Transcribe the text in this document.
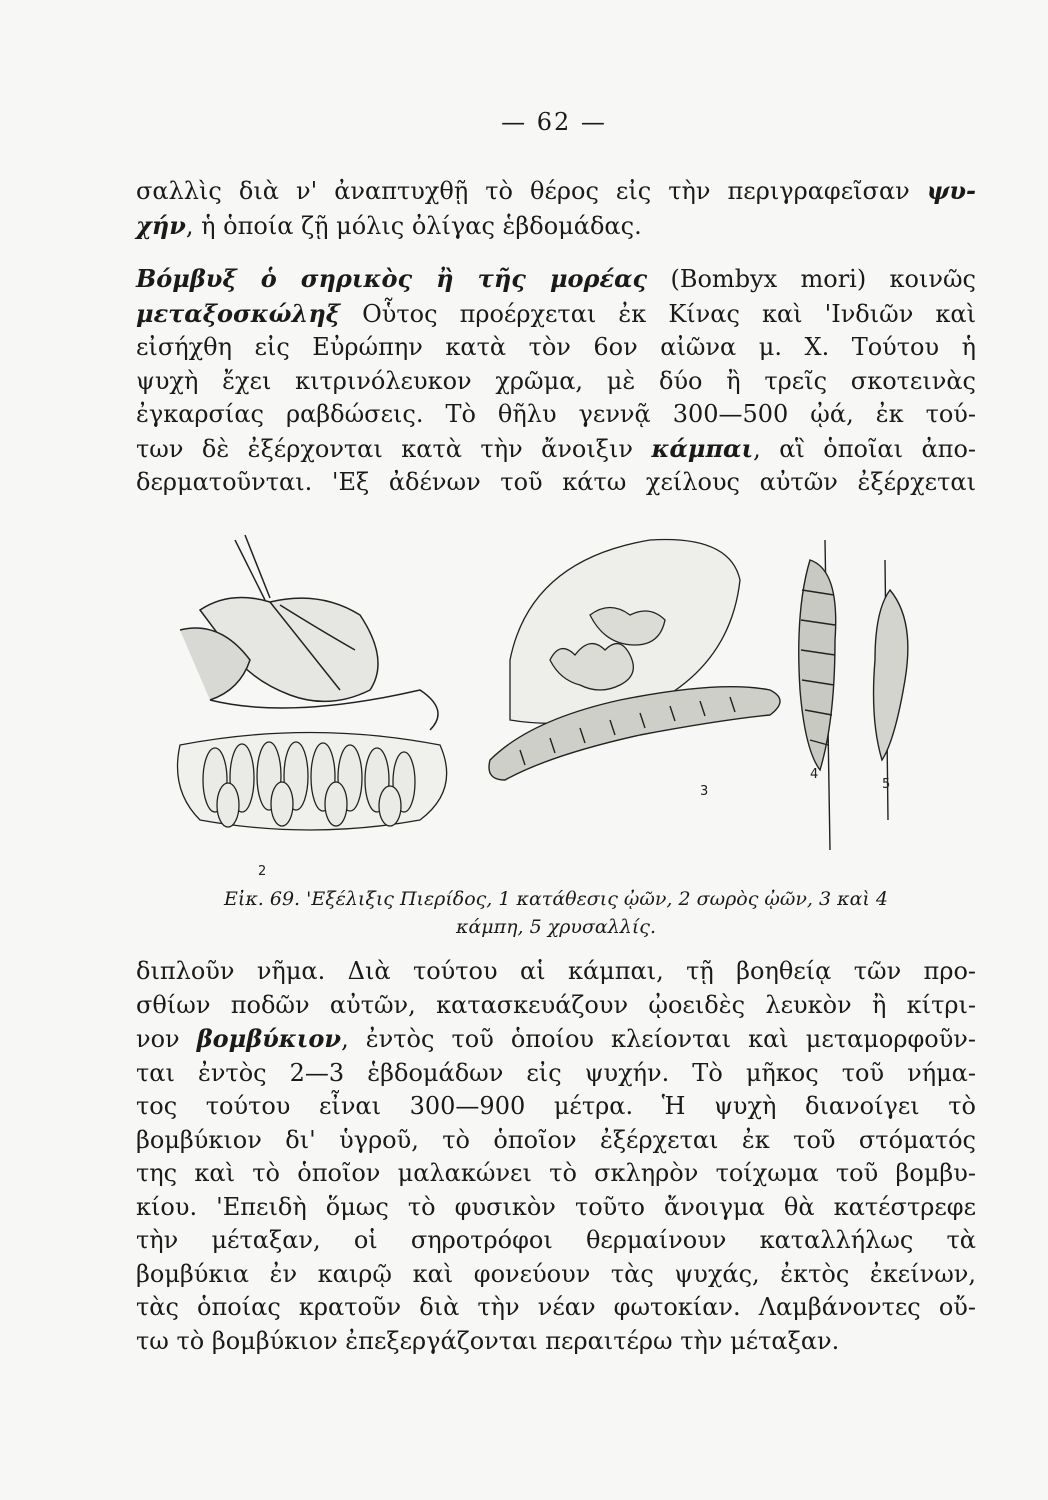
— 62 —
σαλλὶς διὰ ν' ἀναπτυχθῇ τὸ θέρος εἰς τὴν περιγραφεῖσαν ψυ-
χήν, ἡ ὁποία ζῇ μόλις ὀλίγας ἑβδομάδας.
Βόμβυξ ὁ σηρικὸς ἢ τῆς μορέας (Bombyx mori) κοινῶς
μεταξοσκώληξ Οὗτος προέρχεται ἐκ Κίνας καὶ 'Ινδιῶν καὶ
εἰσήχθη εἰς Εὐρώπην κατὰ τὸν 6ον αἰῶνα μ. Χ. Τούτου ἡ
ψυχὴ ἔχει κιτρινόλευκον χρῶμα, μὲ δύο ἢ τρεῖς σκοτεινὰς
ἐγκαρσίας ραβδώσεις. Τὸ θῆλυ γεννᾷ 300—500 ᾠά, ἐκ τού-
των δὲ ἐξέρχονται κατὰ τὴν ἄνοιξιν κάμπαι, αἳ ὁποῖαι ἀπο-
δερματοῦνται. 'Εξ ἀδένων τοῦ κάτω χείλους αὐτῶν ἐξέρχεται
2
3
4
5
Εἰκ. 69. 'Εξέλιξις Πιερίδος, 1 κατάθεσις ᾠῶν, 2 σωρὸς ᾠῶν, 3 καὶ 4
κάμπη, 5 χρυσαλλίς.
διπλοῦν νῆμα. Διὰ τούτου αἱ κάμπαι, τῇ βοηθείᾳ τῶν προ-
σθίων ποδῶν αὐτῶν, κατασκευάζουν ᾠοειδὲς λευκὸν ἢ κίτρι-
νον βομβύκιον, ἐντὸς τοῦ ὁποίου κλείονται καὶ μεταμορφοῦν-
ται ἐντὸς 2—3 ἑβδομάδων εἰς ψυχήν. Τὸ μῆκος τοῦ νήμα-
τος τούτου εἶναι 300—900 μέτρα. Ἡ ψυχὴ διανοίγει τὸ
βομβύκιον δι' ὑγροῦ, τὸ ὁποῖον ἐξέρχεται ἐκ τοῦ στόματός
της καὶ τὸ ὁποῖον μαλακώνει τὸ σκληρὸν τοίχωμα τοῦ βομβυ-
κίου. 'Επειδὴ ὅμως τὸ φυσικὸν τοῦτο ἄνοιγμα θὰ κατέστρεφε
τὴν μέταξαν, οἱ σηροτρόφοι θερμαίνουν καταλλήλως τὰ
βομβύκια ἐν καιρῷ καὶ φονεύουν τὰς ψυχάς, ἐκτὸς ἐκείνων,
τὰς ὁποίας κρατοῦν διὰ τὴν νέαν φωτοκίαν. Λαμβάνοντες οὔ-
τω τὸ βομβύκιον ἐπεξεργάζονται περαιτέρω τὴν μέταξαν.
